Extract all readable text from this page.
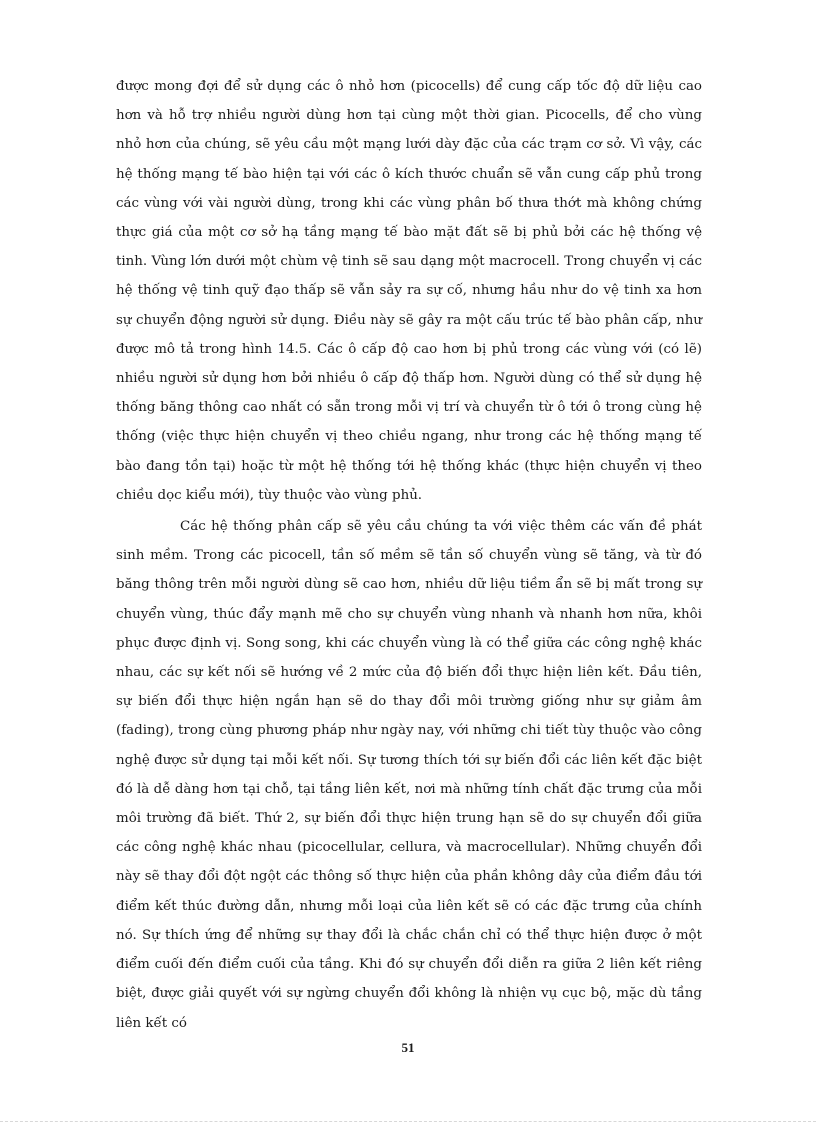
được mong đợi để sử dụng các ô nhỏ hơn (picocells) để cung cấp tốc độ dữ liệu cao hơn và hỗ trợ nhiều người dùng hơn tại cùng một thời gian. Picocells, để cho vùng nhỏ hơn của chúng, sẽ yêu cầu một mạng lưới dày đặc của các trạm cơ sở. Vì vậy, các hệ thống mạng tế bào hiện tại với các ô kích thước chuẩn sẽ vẫn cung cấp phủ trong các vùng với vài người dùng, trong khi các vùng phân bố thưa thớt mà không chứng thực giá của một cơ sở hạ tầng mạng tế bào mặt đất sẽ bị phủ bởi các hệ thống vệ tinh. Vùng lớn dưới một chùm vệ tinh sẽ sau dạng một macrocell. Trong chuyển vị các hệ thống vệ tinh quỹ đạo thấp sẽ vẫn sảy ra sự cố, nhưng hầu như do vệ tinh xa hơn sự chuyển động người sử dụng. Điều này sẽ gây ra một cấu trúc tế bào phân cấp, như được mô tả trong hình 14.5. Các ô cấp độ cao hơn bị phủ trong các vùng với (có lẽ) nhiều người sử dụng hơn bởi nhiều ô cấp độ thấp hơn. Người dùng có thể sử dụng hệ thống băng thông cao nhất có sẵn trong mỗi vị trí và chuyển từ ô tới ô trong cùng hệ thống (việc thực hiện chuyển vị theo chiều ngang, như trong các hệ thống mạng tế bào đang tồn tại) hoặc từ một hệ thống tới hệ thống khác (thực hiện chuyển vị theo chiều dọc kiểu mới), tùy thuộc vào vùng phủ.

Các hệ thống phân cấp sẽ yêu cầu chúng ta với việc thêm các vấn đề phát sinh mềm. Trong các picocell, tần số mềm sẽ tần số chuyển vùng sẽ tăng, và từ đó băng thông trên mỗi người dùng sẽ cao hơn, nhiều dữ liệu tiềm ẩn sẽ bị mất trong sự chuyển vùng, thúc đẩy mạnh mẽ cho sự chuyển vùng nhanh và nhanh hơn nữa, khôi phục được định vị. Song song, khi các chuyển vùng là có thể giữa các công nghệ khác nhau, các sự kết nối sẽ hướng về 2 mức của độ biến đổi thực hiện liên kết. Đầu tiên, sự biến đổi thực hiện ngắn hạn sẽ do thay đổi môi trường giống như sự giảm âm (fading), trong cùng phương pháp như ngày nay, với những chi tiết tùy thuộc vào công nghệ được sử dụng tại mỗi kết nối. Sự tương thích tới sự biến đổi các liên kết đặc biệt đó là dễ dàng hơn tại chỗ, tại tầng liên kết, nơi mà những tính chất đặc trưng của mỗi môi trường đã biết. Thứ 2, sự biến đổi thực hiện trung hạn sẽ do sự chuyển đổi giữa các công nghệ khác nhau (picocellular, cellura, và macrocellular). Những chuyển đổi này sẽ thay đổi đột ngột các thông số thực hiện của phần không dây của điểm đầu tới điểm kết thúc đường dẫn, nhưng mỗi loại của liên kết sẽ có các đặc trưng của chính nó. Sự thích ứng để những sự thay đổi là chắc chắn chỉ có thể thực hiện được ở một điểm cuối đến điểm cuối của tầng. Khi đó sự chuyển đổi diễn ra giữa 2 liên kết riêng biệt, được giải quyết với sự ngừng chuyển đổi không là nhiện vụ cục bộ, mặc dù tầng liên kết có

51
